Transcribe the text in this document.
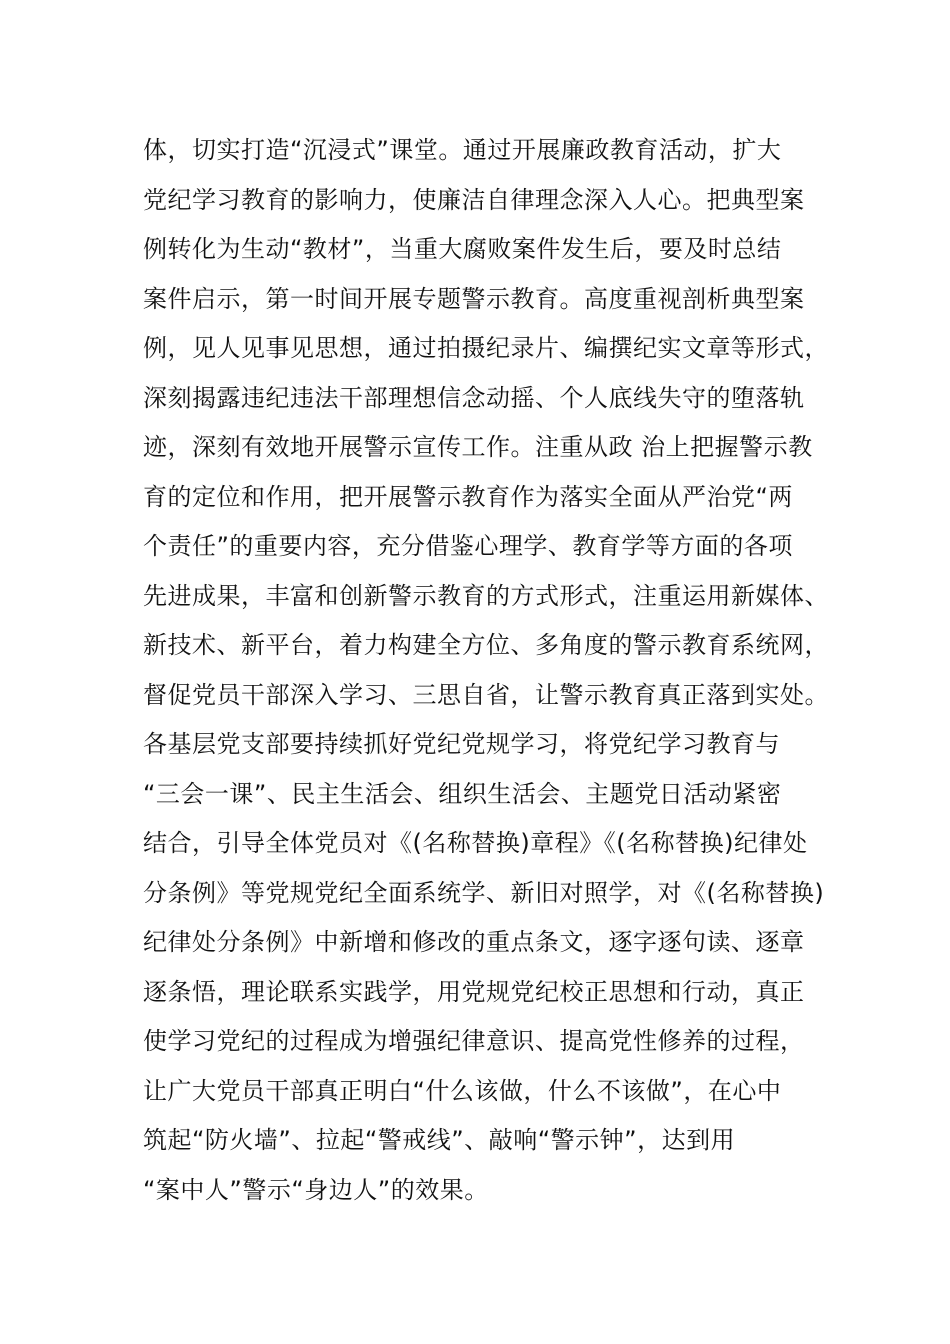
体，切实打造“沉浸式”课堂。通过开展廉政教育活动，扩大
党纪学习教育的影响力，使廉洁自律理念深入人心。把典型案
例转化为生动“教材”，当重大腐败案件发生后，要及时总结
案件启示，第一时间开展专题警示教育。高度重视剖析典型案
例，见人见事见思想，通过拍摄纪录片、编撰纪实文章等形式，
深刻揭露违纪违法干部理想信念动摇、个人底线失守的堕落轨
迹，深刻有效地开展警示宣传工作。注重从政 治上把握警示教
育的定位和作用，把开展警示教育作为落实全面从严治党“两
个责任”的重要内容，充分借鉴心理学、教育学等方面的各项
先进成果，丰富和创新警示教育的方式形式，注重运用新媒体、
新技术、新平台，着力构建全方位、多角度的警示教育系统网，
督促党员干部深入学习、三思自省，让警示教育真正落到实处。
各基层党支部要持续抓好党纪党规学习，将党纪学习教育与
“三会一课”、民主生活会、组织生活会、主题党日活动紧密
结合，引导全体党员对《(名称替换)章程》《(名称替换)纪律处
分条例》等党规党纪全面系统学、新旧对照学，对《(名称替换)
纪律处分条例》中新增和修改的重点条文，逐字逐句读、逐章
逐条悟，理论联系实践学，用党规党纪校正思想和行动，真正
使学习党纪的过程成为增强纪律意识、提高党性修养的过程，
让广大党员干部真正明白“什么该做，什么不该做”，在心中
筑起“防火墙”、拉起“警戒线”、敲响“警示钟”，达到用
“案中人”警示“身边人”的效果。
